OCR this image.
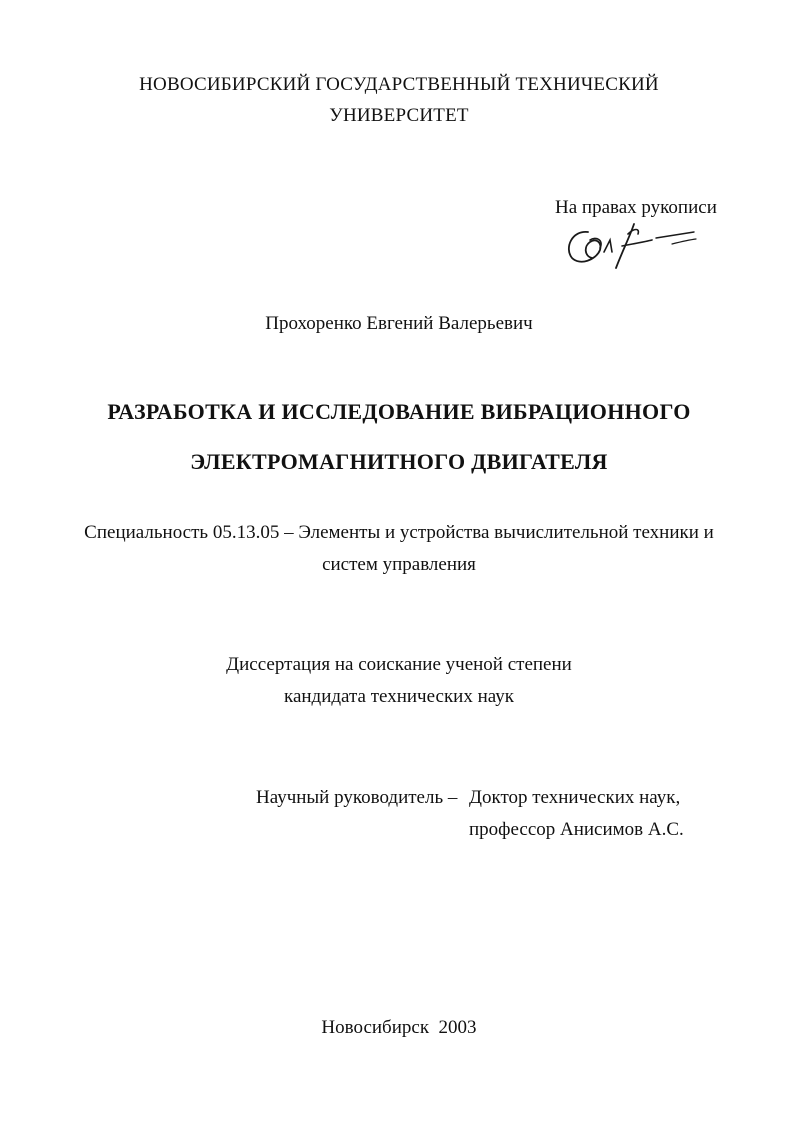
НОВОСИБИРСКИЙ ГОСУДАРСТВЕННЫЙ ТЕХНИЧЕСКИЙ
УНИВЕРСИТЕТ
На правах рукописи
Прохоренко Евгений Валерьевич
РАЗРАБОТКА И ИССЛЕДОВАНИЕ ВИБРАЦИОННОГО
ЭЛЕКТРОМАГНИТНОГО ДВИГАТЕЛЯ
Специальность 05.13.05 – Элементы и устройства вычислительной техники и
систем управления
Диссертация на соискание ученой степени
кандидата технических наук
Научный руководитель – Доктор технических наук,
профессор Анисимов А.С.
Новосибирск  2003
